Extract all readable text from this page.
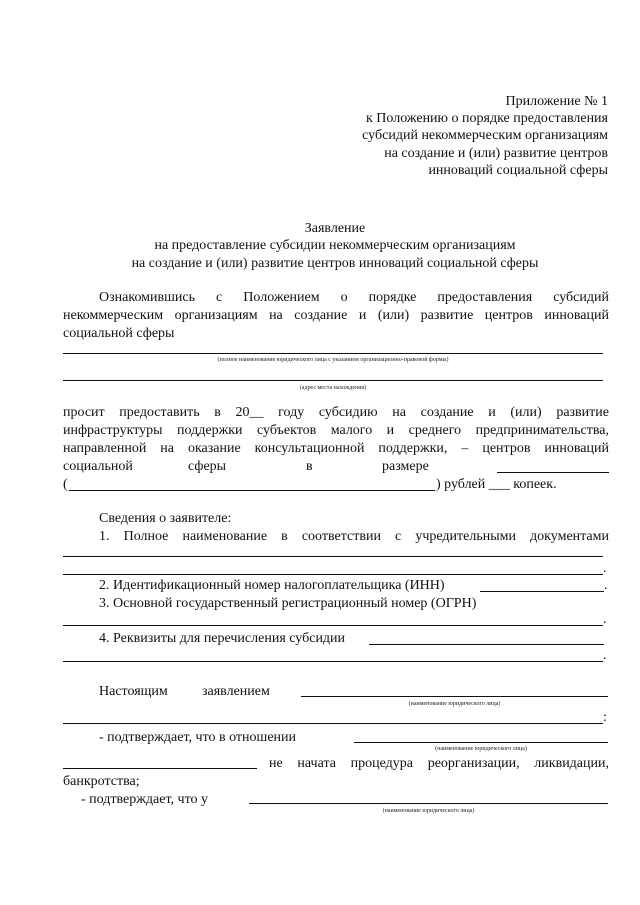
Приложение № 1
к Положению о порядке предоставления
субсидий некоммерческим организациям
на создание и (или) развитие центров
инноваций социальной сферы
Заявление
на предоставление субсидии некоммерческим организациям
на создание и (или) развитие центров инноваций социальной сферы
Ознакомившись с Положением о порядке предоставления субсидий
некоммерческим организациям на создание и (или) развитие центров инноваций
социальной сферы
(полное наименование юридического лица с указанием организационно-правовой формы)
(адрес места нахождения)
просит предоставить в 20__ году субсидию на создание и (или) развитие
инфраструктуры поддержки субъектов малого и среднего предпринимательства,
направленной на оказание консультационной поддержки, – центров инноваций
социальной	сферы	в	размере
(	) рублей ___ копеек.
Сведения о заявителе:
1. Полное наименование в соответствии с учредительными документами
.
2. Идентификационный номер налогоплательщика (ИНН)	.
3. Основной государственный регистрационный номер (ОГРН)
.
4. Реквизиты для перечисления субсидии
.
Настоящим заявлением
(наименование юридического лица)
:
- подтверждает, что в отношении
(наименование юридического лица)
не начата процедура реорганизации, ликвидации,
банкротства;
- подтверждает, что у
(наименование юридического лица)
